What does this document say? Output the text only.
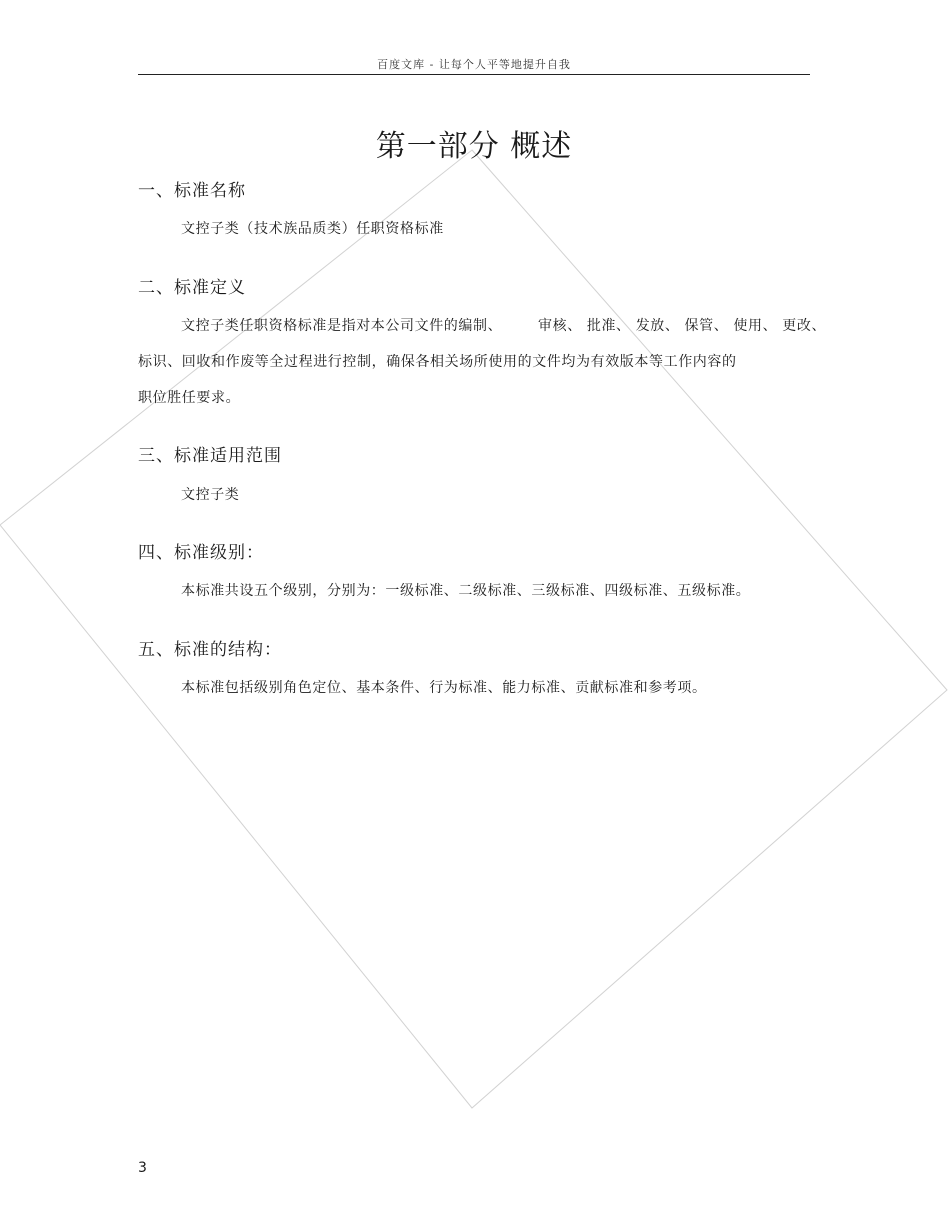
百度文库 - 让每个人平等地提升自我
第一部分 概述
一、标准名称
文控子类（技术族品质类）任职资格标准
二、标准定义
文控子类任职资格标准是指对本公司文件的编制、	审核、 批准、 发放、 保管、 使用、 更改、
标识、回收和作废等全过程进行控制，确保各相关场所使用的文件均为有效版本等工作内容的
职位胜任要求。
三、标准适用范围
文控子类
四、标准级别：
本标准共设五个级别，分别为：一级标准、二级标准、三级标准、四级标准、五级标准。
五、标准的结构：
本标准包括级别角色定位、基本条件、行为标准、能力标准、贡献标准和参考项。
3
